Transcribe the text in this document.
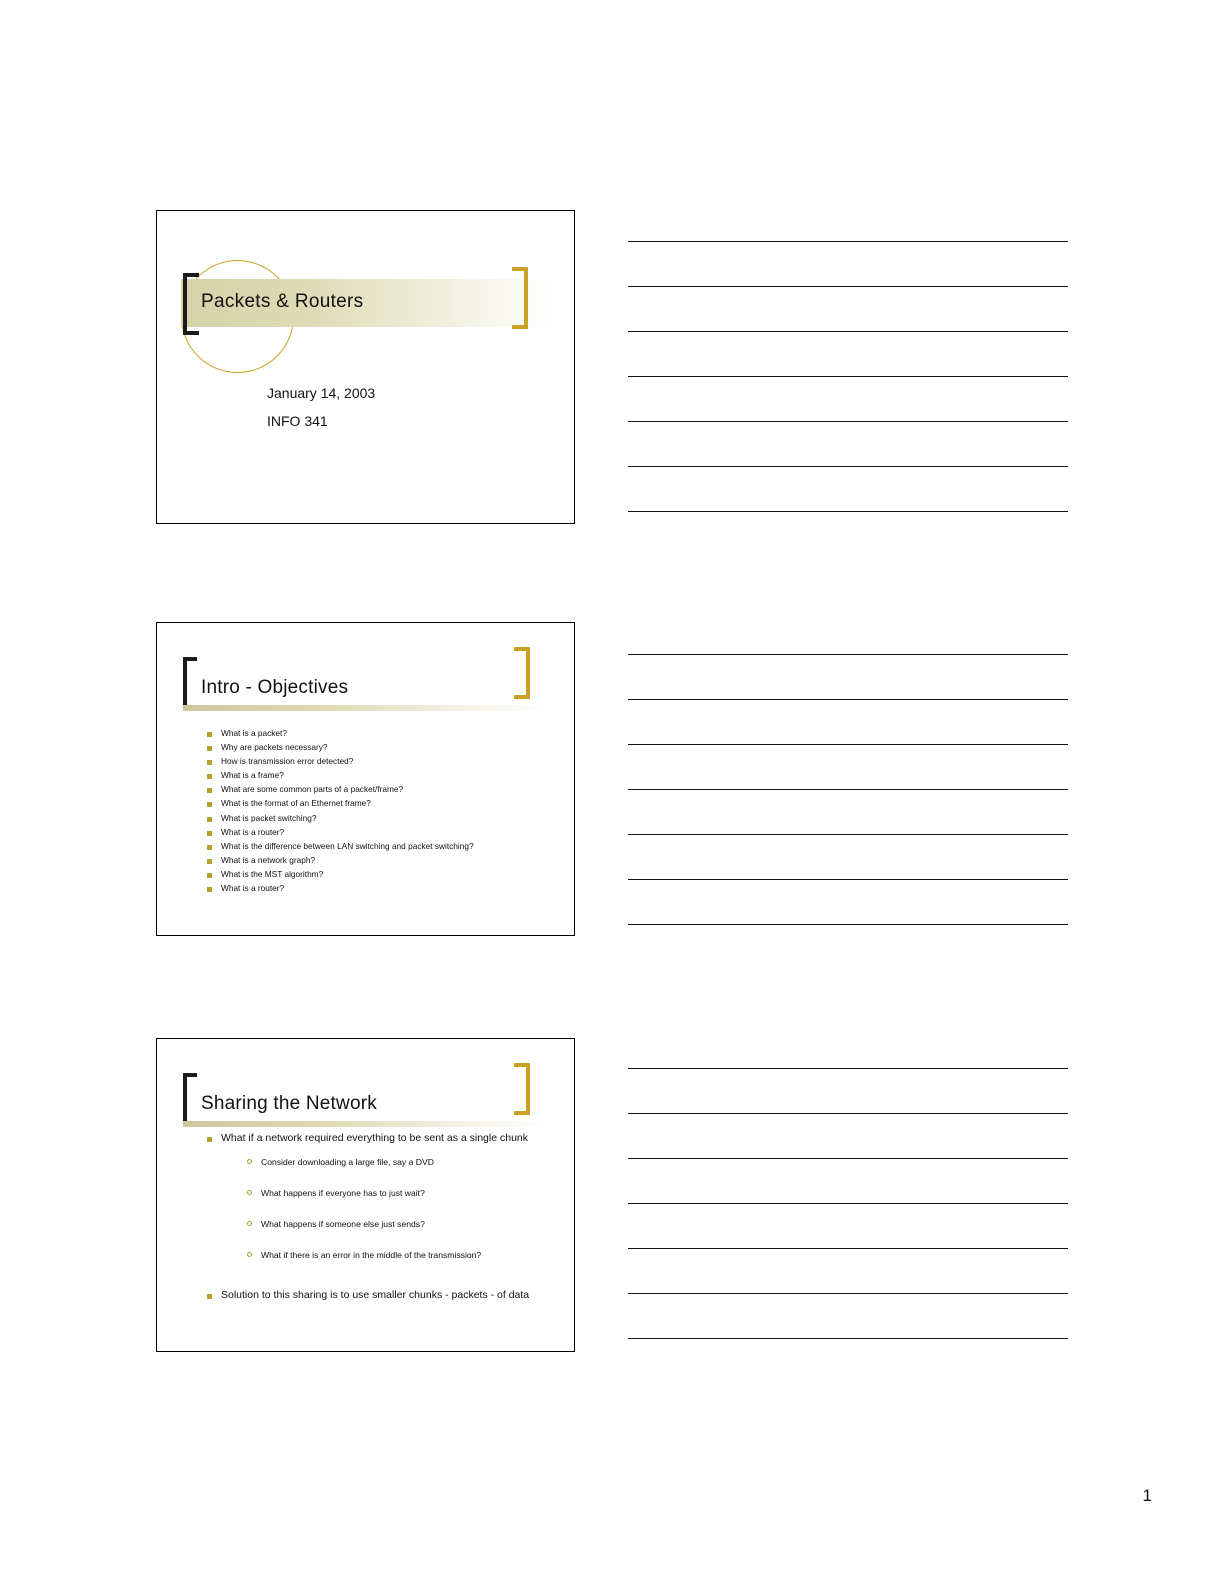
Packets & Routers
January 14, 2003
INFO 341
Intro - Objectives
What is a packet?
Why are packets necessary?
How is transmission error detected?
What is a frame?
What are some common parts of a packet/frame?
What is the format of an Ethernet frame?
What is packet switching?
What is a router?
What is the difference between LAN switching and packet switching?
What is a network graph?
What is the MST algorithm?
What is a router?
Sharing the Network
What if a network required everything to be sent as a single chunk
Consider downloading a large file, say a DVD
What happens if everyone has to just wait?
What happens if someone else just sends?
What if there is an error in the middle of the transmission?
Solution to this sharing is to use smaller chunks - packets - of data
1
